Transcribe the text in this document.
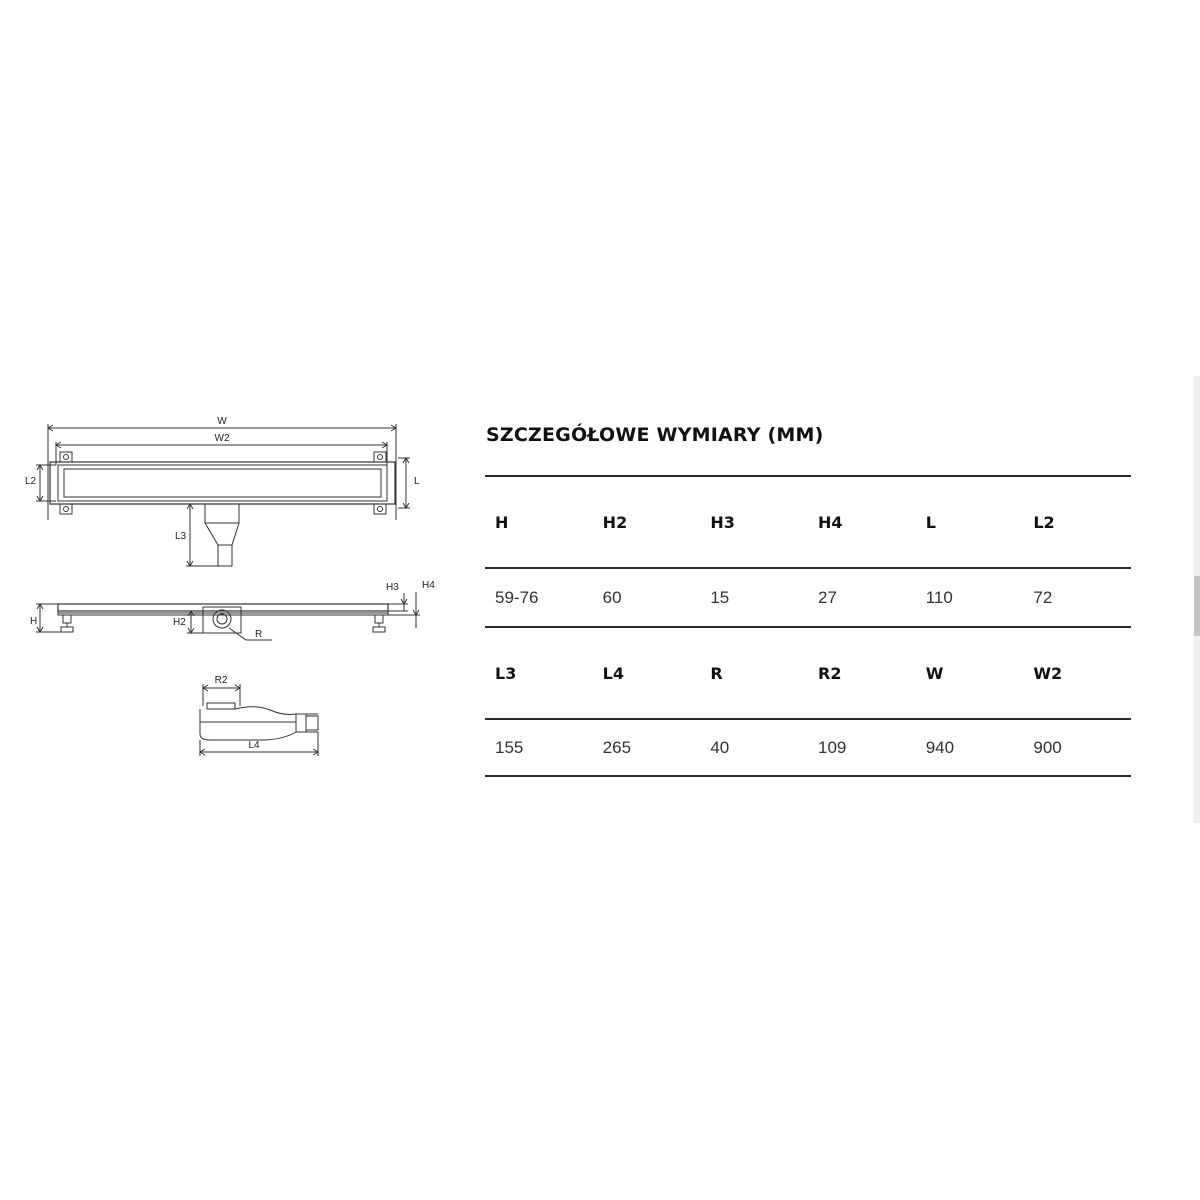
W
W2
L2	L
L3
H	H2
H3 H4
R
R2
L4
SZCZEGÓŁOWE WYMIARY (MM)
H	H2	H3	H4	L	L2
59-76	60	15	27	110	72
L3	L4	R	R2	W	W2
155	265	40	109	940	900
